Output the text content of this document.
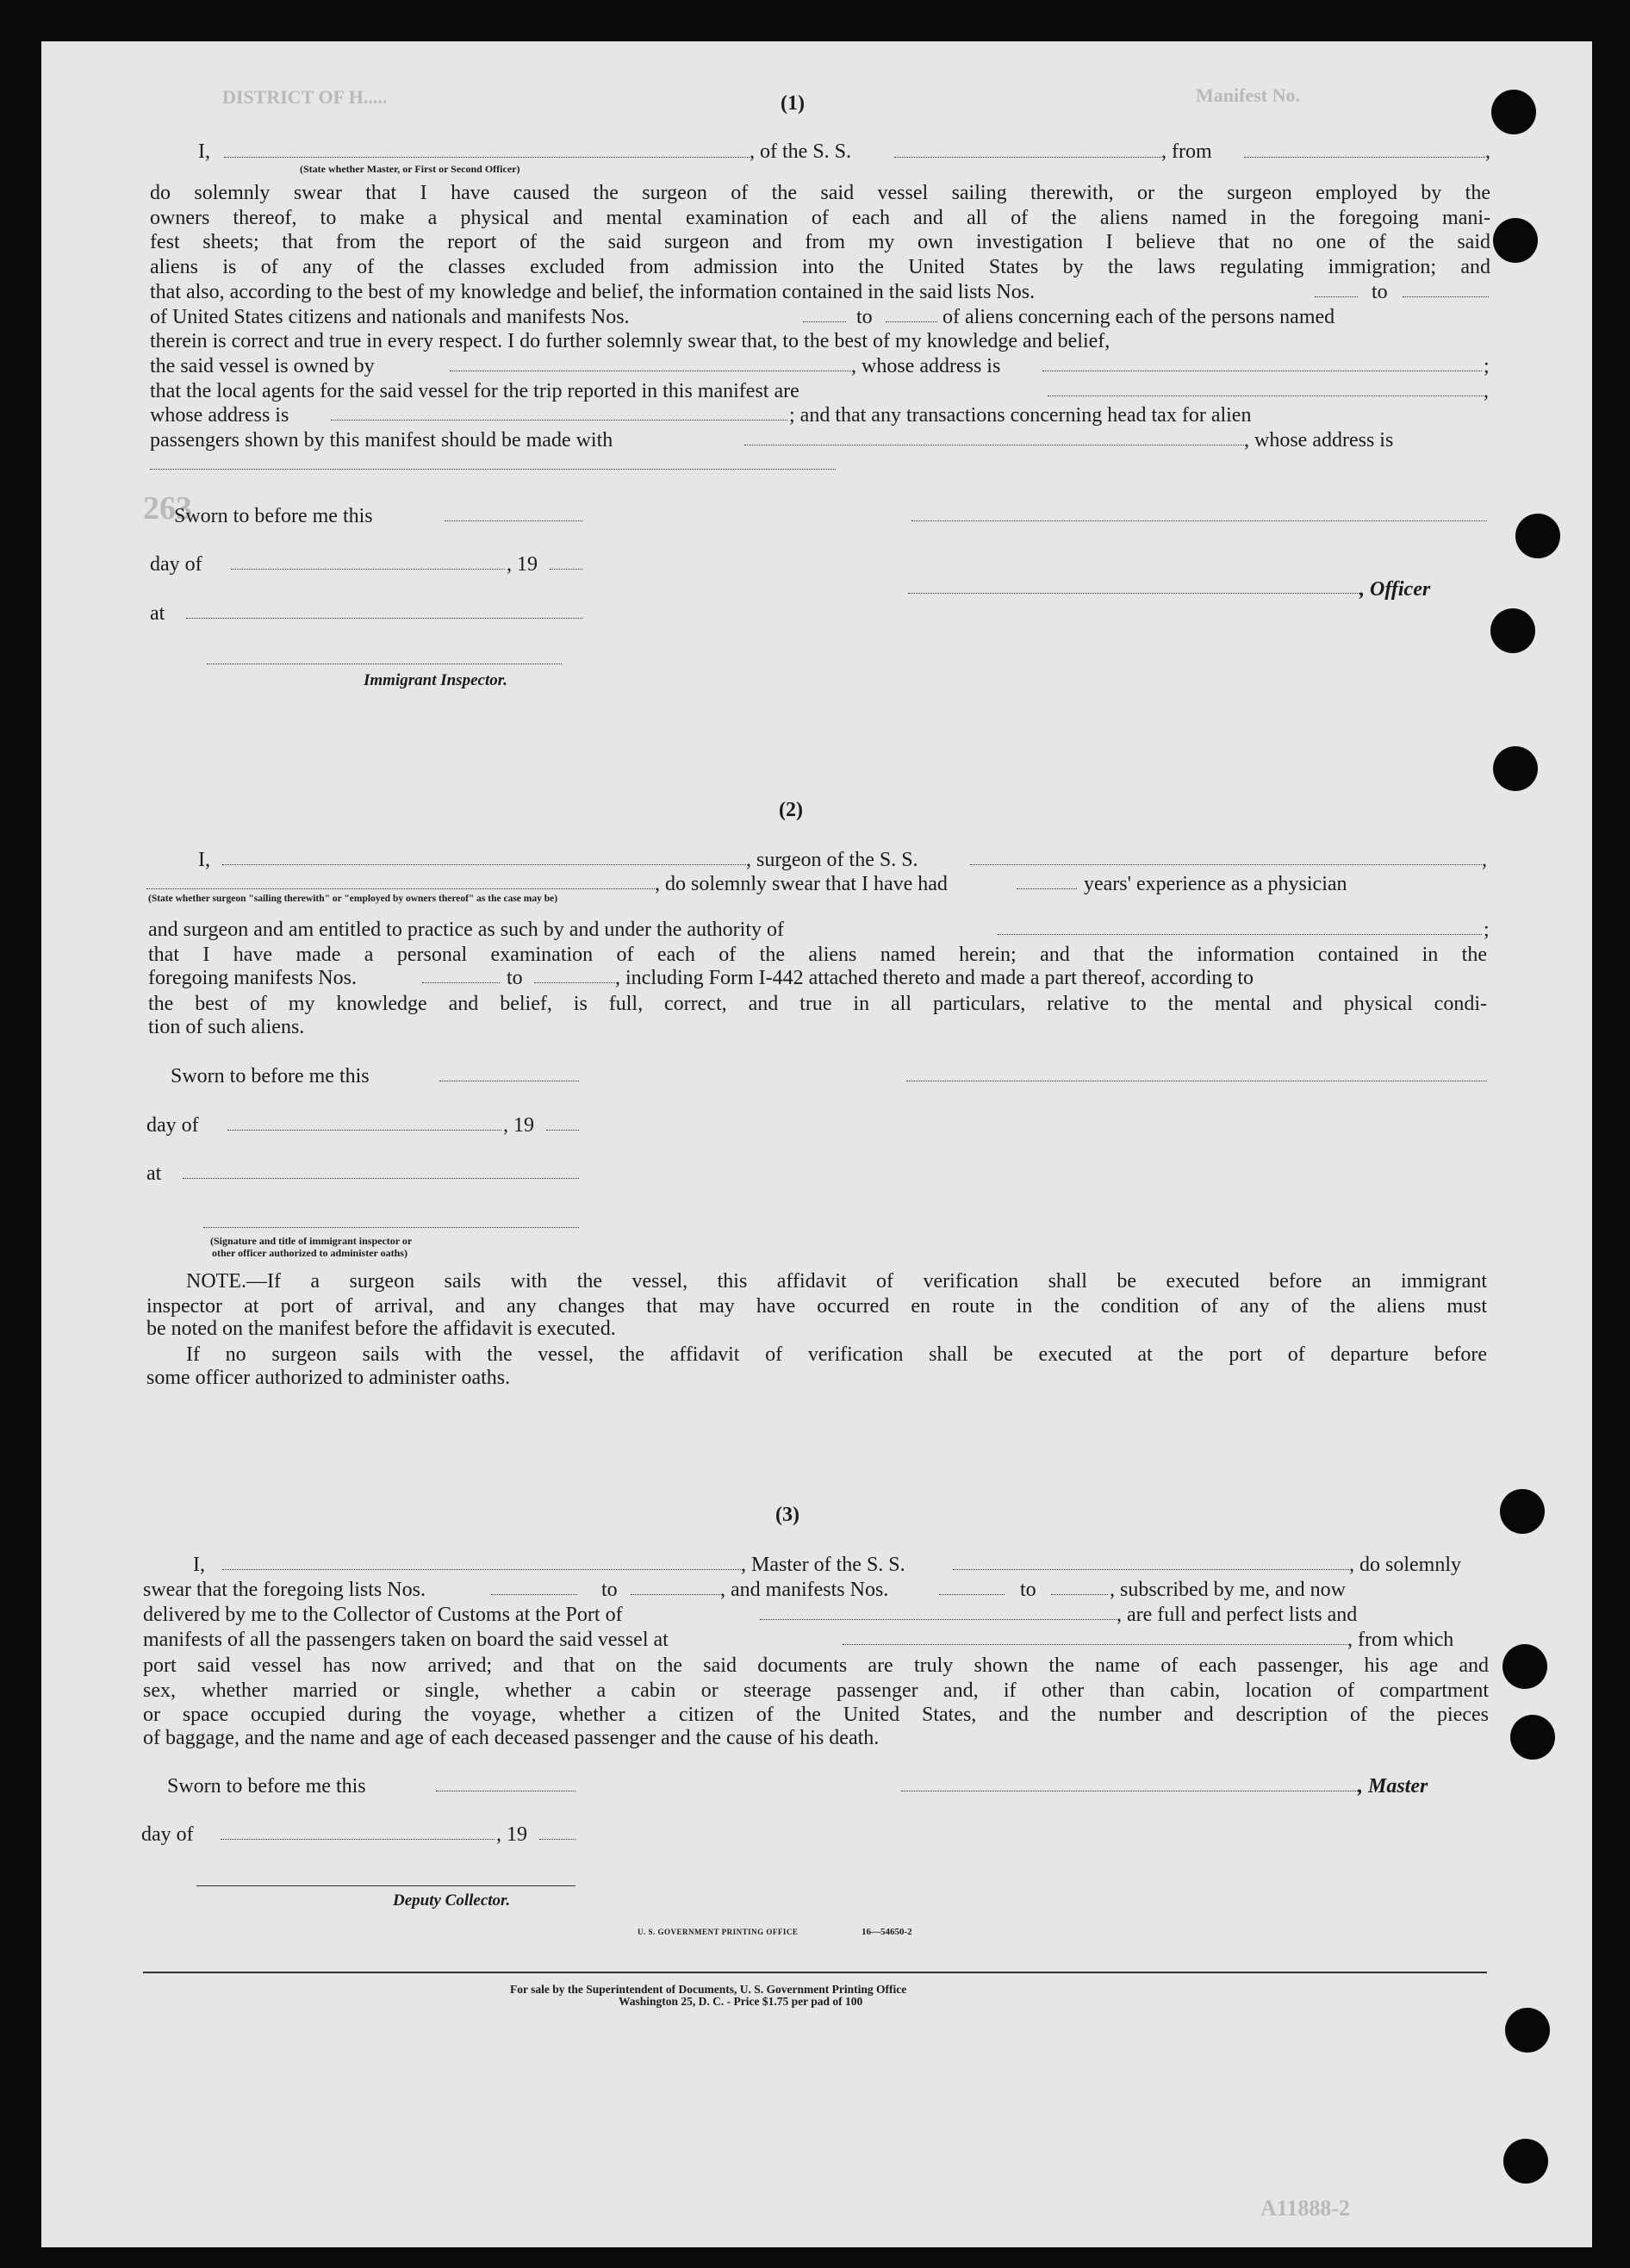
DISTRICT OF H.....	Manifest No.
263
A11888-2
(1)
I,	, of the S. S.	, from	,
(State whether Master, or First or Second Officer)
do solemnly swear that I have caused the surgeon of the said vessel sailing therewith, or the surgeon employed by the
owners thereof, to make a physical and mental examination of each and all of the aliens named in the foregoing mani-
fest sheets; that from the report of the said surgeon and from my own investigation I believe that no one of the said
aliens is of any of the classes excluded from admission into the United States by the laws regulating immigration; and
that also, according to the best of my knowledge and belief, the information contained in the said lists Nos.	to
of United States citizens and nationals and manifests Nos.	to	of aliens concerning each of the persons named
therein is correct and true in every respect. I do further solemnly swear that, to the best of my knowledge and belief,
the said vessel is owned by	, whose address is	;
that the local agents for the said vessel for the trip reported in this manifest are	,
whose address is	; and that any transactions concerning head tax for alien
passengers shown by this manifest should be made with	, whose address is
Sworn to before me this
day of	, 19
, Officer
at
Immigrant Inspector.
(2)
I,	, surgeon of the S. S.	,
, do solemnly swear that I have had	years' experience as a physician
(State whether surgeon "sailing therewith" or "employed by owners thereof" as the case may be)
and surgeon and am entitled to practice as such by and under the authority of	;
that I have made a personal examination of each of the aliens named herein; and that the information contained in the
foregoing manifests Nos.	to	, including Form I-442 attached thereto and made a part thereof, according to
the best of my knowledge and belief, is full, correct, and true in all particulars, relative to the mental and physical condi-
tion of such aliens.
Sworn to before me this
day of	, 19
at
(Signature and title of immigrant inspector or
other officer authorized to administer oaths)
NOTE.—If a surgeon sails with the vessel, this affidavit of verification shall be executed before an immigrant
inspector at port of arrival, and any changes that may have occurred en route in the condition of any of the aliens must
be noted on the manifest before the affidavit is executed.
If no surgeon sails with the vessel, the affidavit of verification shall be executed at the port of departure before
some officer authorized to administer oaths.
(3)
I,	, Master of the S. S.	, do solemnly
swear that the foregoing lists Nos.	to	, and manifests Nos.	to	, subscribed by me, and now
delivered by me to the Collector of Customs at the Port of	, are full and perfect lists and
manifests of all the passengers taken on board the said vessel at	, from which
port said vessel has now arrived; and that on the said documents are truly shown the name of each passenger, his age and
sex, whether married or single, whether a cabin or steerage passenger and, if other than cabin, location of compartment
or space occupied during the voyage, whether a citizen of the United States, and the number and description of the pieces
of baggage, and the name and age of each deceased passenger and the cause of his death.
Sworn to before me this	, Master
day of	, 19
Deputy Collector.
U. S. GOVERNMENT PRINTING OFFICE	16—54650-2
For sale by the Superintendent of Documents, U. S. Government Printing Office
Washington 25, D. C. - Price $1.75 per pad of 100
